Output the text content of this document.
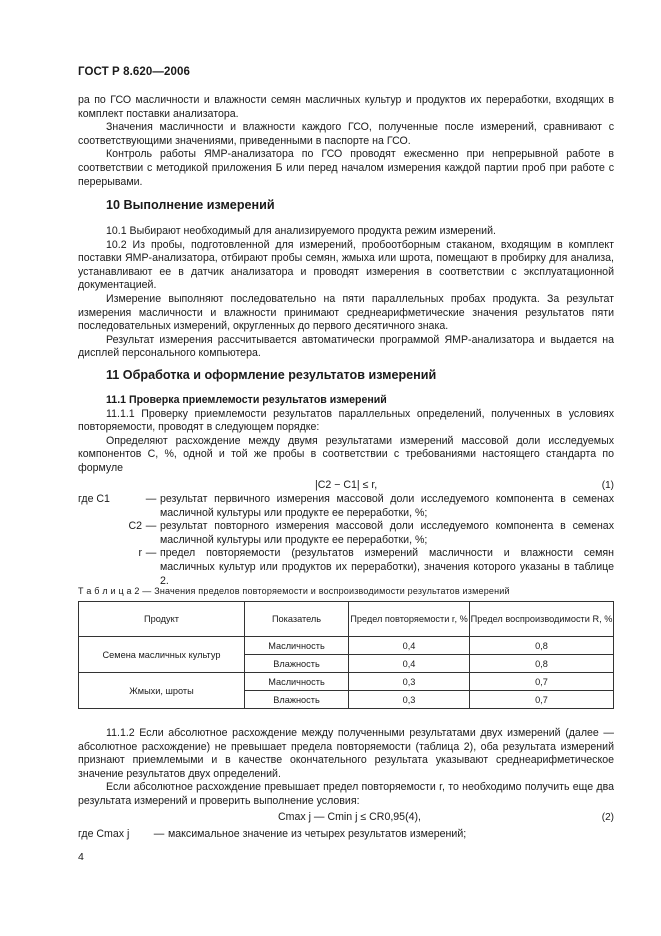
ГОСТ Р 8.620—2006

ра по ГСО масличности и влажности семян масличных культур и продуктов их переработки, входящих в комплект поставки анализатора.

Значения масличности и влажности каждого ГСО, полученные после измерений, сравнивают с соответствующими значениями, приведенными в паспорте на ГСО.

Контроль работы ЯМР-анализатора по ГСО проводят ежесменно при непрерывной работе в соответствии с методикой приложения Б или перед началом измерения каждой партии проб при работе с перерывами.

10 Выполнение измерений

10.1 Выбирают необходимый для анализируемого продукта режим измерений.

10.2 Из пробы, подготовленной для измерений, пробоотборным стаканом, входящим в комплект поставки ЯМР-анализатора, отбирают пробы семян, жмыха или шрота, помещают в пробирку для анализа, устанавливают ее в датчик анализатора и проводят измерения в соответствии с эксплуатационной документацией.

Измерение выполняют последовательно на пяти параллельных пробах продукта. За результат измерения масличности и влажности принимают среднеарифметические значения результатов пяти последовательных измерений, округленных до первого десятичного знака.

Результат измерения рассчитывается автоматически программой ЯМР-анализатора и выдается на дисплей персонального компьютера.

11 Обработка и оформление результатов измерений

11.1 Проверка приемлемости результатов измерений

11.1.1 Проверку приемлемости результатов параллельных определений, полученных в условиях повторяемости, проводят в следующем порядке:

Определяют расхождение между двумя результатами измерений массовой доли исследуемых компонентов C, %, одной и той же пробы в соответствии с требованиями настоящего стандарта по формуле

|C2 − C1| ≤ r,	(1)
где C1	— результат первичного измерения массовой доли исследуемого компонента в семенах масличной культуры или продукте ее переработки, %;
C2 — результат повторного измерения массовой доли исследуемого компонента в семенах масличной культуры или продукте ее переработки, %;
r — предел повторяемости (результатов измерений масличности и влажности семян масличных культур или продуктов их переработки), значения которого указаны в таблице 2.
Т а б л и ц а 2 — Значения пределов повторяемости и воспроизводимости результатов измерений
Продукт	Показатель	Предел повторяемости r, %	Предел воспроизводимости R, %
Семена масличных культур	Масличность	0,4	0,8
	Влажность	0,4	0,8
Жмыхи, шроты	Масличность	0,3	0,7
	Влажность	0,3	0,7

11.1.2 Если абсолютное расхождение между полученными результатами двух измерений (далее — абсолютное расхождение) не превышает предела повторяемости (таблица 2), оба результата измерений признают приемлемыми и в качестве окончательного результата указывают среднеарифметическое значение результатов двух определений.

Если абсолютное расхождение превышает предел повторяемости r, то необходимо получить еще два результата измерений и проверить выполнение условия:

Cmax j — Cmin j ≤ CR0,95(4),	(2)
где Cmax j	— максимальное значение из четырех результатов измерений;
4
